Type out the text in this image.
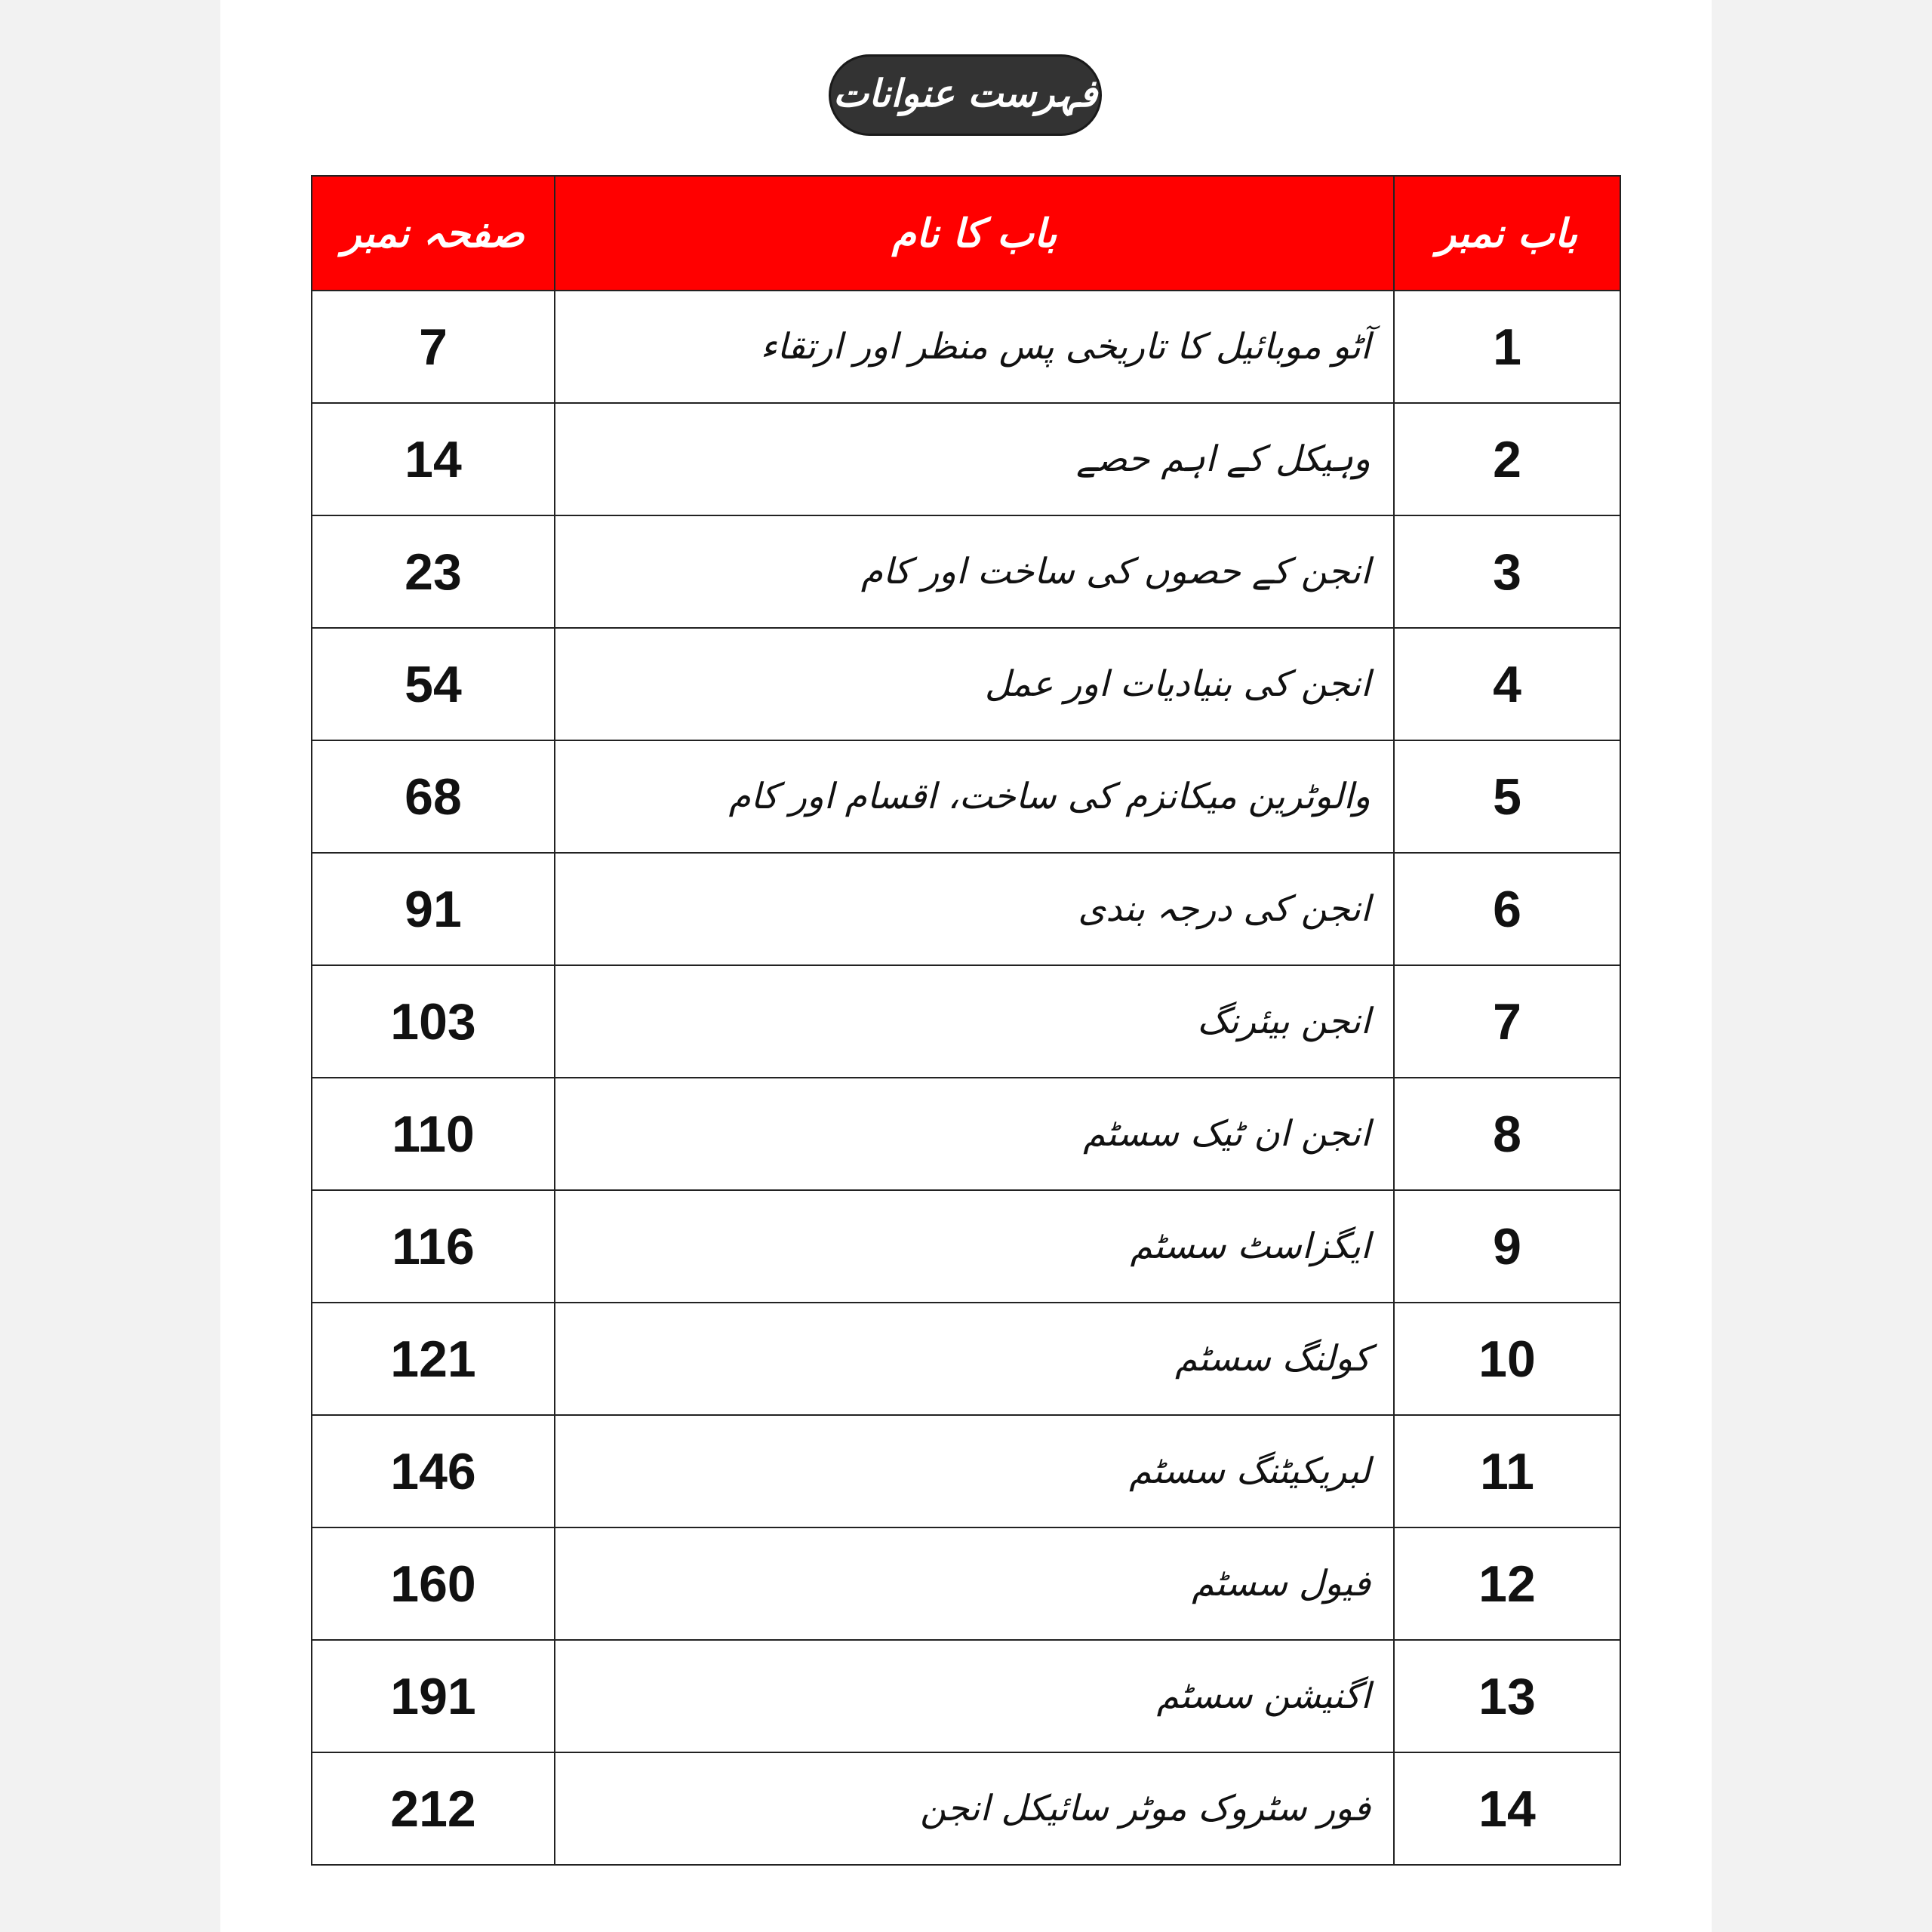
فہرست عنوانات
باب نمبر	باب کا نام	صفحہ نمبر
1	آٹو موبائیل کا تاریخی پس منظر اور ارتقاء	7
2	وہیکل کے اہم حصے	14
3	انجن کے حصوں کی ساخت اور کام	23
4	انجن کی بنیادیات اور عمل	54
5	والوٹرین میکانزم کی ساخت، اقسام اور کام	68
6	انجن کی درجہ بندی	91
7	انجن بیئرنگ	103
8	انجن ان ٹیک سسٹم	110
9	ایگزاسٹ سسٹم	116
10	کولنگ سسٹم	121
11	لبریکیٹنگ سسٹم	146
12	فیول سسٹم	160
13	اگنیشن سسٹم	191
14	فور سٹروک موٹر سائیکل انجن	212
